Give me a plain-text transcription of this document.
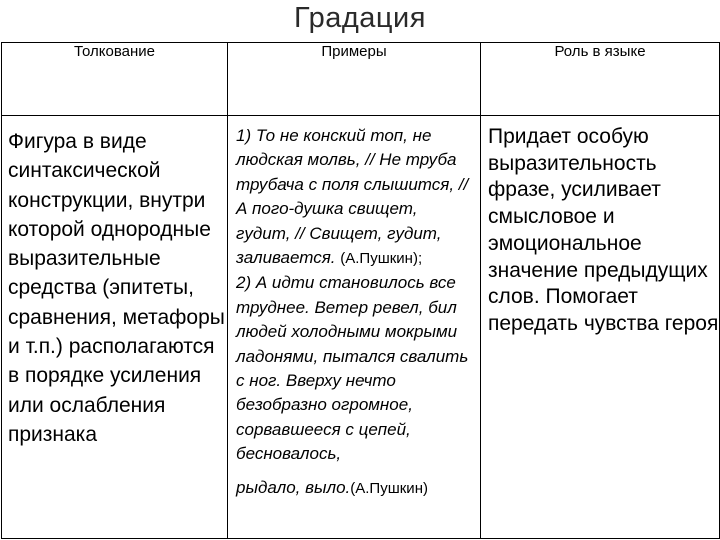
Градация
Толкование	Примеры	Роль в языке
Фигура в виде синтаксической конструкции, внутри которой однородные выразительные средства (эпитеты, сравнения, метафоры и т.п.) располагаются в порядке усиления или ослабления признака	1) То не конский топ, не людская молвь, // Не труба трубача с поля слышится, // А пого-душка свищет, гудит, // Свищет, гудит, заливается. (А.Пушкин);
2) А идти становилось все труднее. Ветер ревел, бил людей холодными мокрыми ладонями, пытался свалить с ног. Вверху нечто безобразно огромное, сорвавшееся с цепей, бесновалось,
рыдало, выло.(А.Пушкин)	Придает особую выразительность фразе, усиливает смысловое и эмоциональное значение предыдущих слов. Помогает передать чувства героя
